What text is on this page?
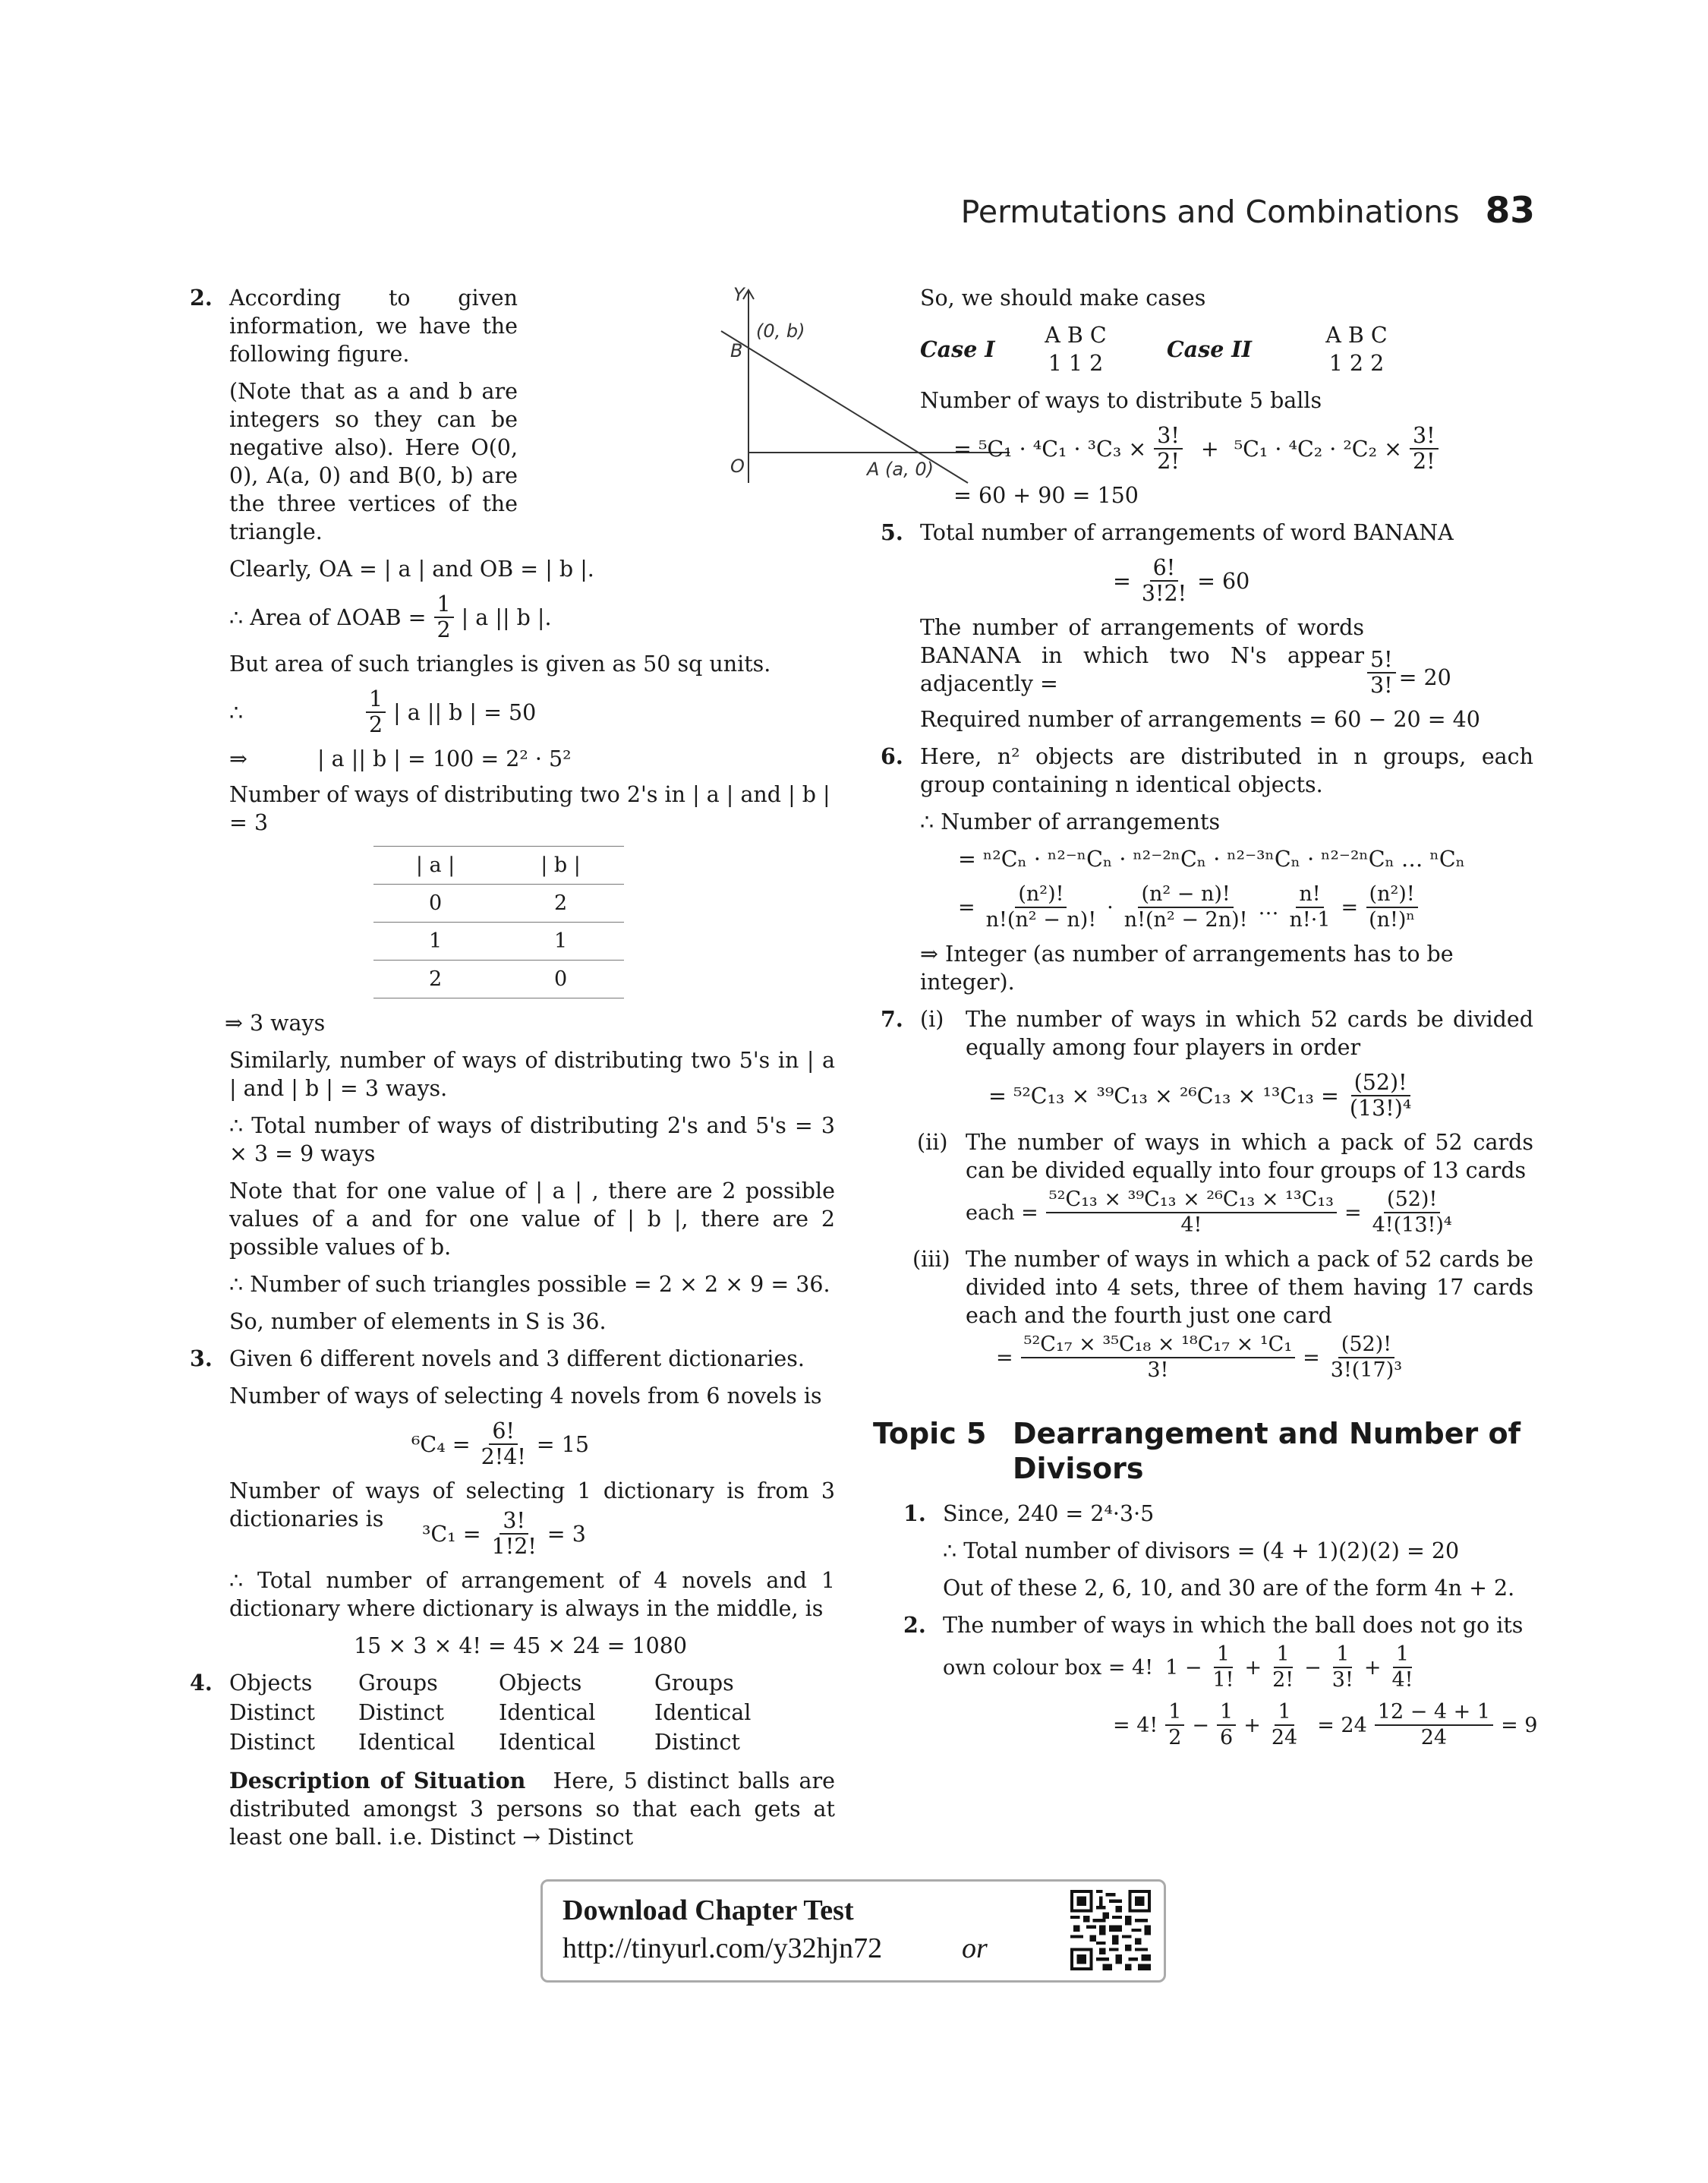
Permutations and Combinations 83
2.	Y
O
B
(0, b)
A (a, 0)

According to given information, we have the following figure.

(Note that as a and b are integers so they can be negative also). Here O(0, 0), A(a, 0) and B(0, b) are the three vertices of the triangle.

Clearly, OA = | a | and OB = | b |.

∴ Area of $\Delta OAB = \frac{1}{2}$ | a || b |.

But area of such triangles is given as 50 sq units.

∴	$\frac{1}{2}$ | a || b | = 50
⇒	| a || b | = 100 = 2² · 5²

Number of ways of distributing two 2's in | a | and | b | = 3

| a |	| b |
0	2
1	1
2	0

⇒ 3 ways

Similarly, number of ways of distributing two 5's in | a | and | b | = 3 ways.

∴ Total number of ways of distributing 2's and 5's = 3 × 3 = 9 ways

Note that for one value of | a | , there are 2 possible values of a and for one value of | b |, there are 2 possible values of b.

∴ Number of such triangles possible = 2 × 2 × 9 = 36.

So, number of elements in S is 36.

3. Given 6 different novels and 3 different dictionaries.

Number of ways of selecting 4 novels from 6 novels is

$^6C_4 = \frac{6!}{2!4!} = 15$

Number of ways of selecting 1 dictionary is from 3 dictionaries is

$^3C_1 = \frac{3!}{1!2!} = 3$

∴ Total number of arrangement of 4 novels and 1 dictionary where dictionary is always in the middle, is

15 × 3 × 4! = 45 × 24 = 1080

4. Objects	Groups	Objects	Groups
Distinct	Distinct	Identical	Identical
Distinct	Identical	Identical	Distinct

Description of Situation Here, 5 distinct balls are distributed amongst 3 persons so that each gets at least one ball. i.e. Distinct → Distinct

So, we should make cases

Case I
A B C
1 1 2
Case II
A B C
1 2 2

Number of ways to distribute 5 balls

= $^5C_1 \cdot ^4C_1 \cdot ^3C_3 \times \frac{3!}{2!} + ^5C_1 \cdot ^4C_2 \cdot ^2C_2 \times \frac{3!}{2!}$

= 60 + 90 = 150

5. Total number of arrangements of word BANANA

= $\frac{6!}{3!2!} = 60$

The number of arrangements of words BANANA in which two N's appear adjacently =	$\frac{5!}{3!} = 20$

Required number of arrangements = 60 − 20 = 40

6. Here, n² objects are distributed in n groups, each group containing n identical objects.

∴ Number of arrangements

= ⁿ²Cₙ · ⁿ²⁻ⁿCₙ · ⁿ²⁻²ⁿCₙ · ⁿ²⁻³ⁿCₙ · ⁿ²⁻²ⁿCₙ … ⁿCₙ

= $\frac{\text{(n²)!}}{\text{n!(n² − n)!}} \cdot \frac{\text{(n² − n)!}}{\text{n!(n² − 2n)!}}$ … $\frac{n!}{n!\cdot 1} = \frac{\text{(n²)!}}{\text{(n!)ⁿ}}$

⇒ Integer (as number of arrangements has to be integer).

7. (i) The number of ways in which 52 cards be divided equally among four players in order

= $^{52}C_{13} \times ^{39}C_{13} \times ^{26}C_{13} \times ^{13}C_{13} = \frac{(52)!}{\text{(13!)⁴}}$
(ii) The number of ways in which a pack of 52 cards can be divided equally into four groups of 13 cards

each = $\frac{\text{⁵²C₁₃ × ³⁹C₁₃ × ²⁶C₁₃ × ¹³C₁₃}}{4!} = \frac{(52)!}{\text{4!(13!)⁴}}$
(iii) The number of ways in which a pack of 52 cards be divided into 4 sets, three of them having 17 cards each and the fourth just one card

= $\frac{\text{⁵²C₁₇ × ³⁵C₁₈ × ¹⁸C₁₇ × ¹C₁}}{3!} = \frac{(52)!}{\text{3!(17)³}}$
Topic 5 Dearrangement and Number of Divisors
1. Since, 240 = 2⁴·3·5

∴ Total number of divisors = (4 + 1)(2)(2) = 20

Out of these 2, 6, 10, and 30 are of the form 4n + 2.

2. The number of ways in which the ball does not go its

own colour box = 4! $1 - \frac{1}{1!} + \frac{1}{2!} - \frac{1}{3!} + \frac{1}{4!}$
= 4!
1
2
− $\frac{1}{6} + \frac{1}{24} = 24 \frac{12 - 4 + 1}{24} = 9$
Download Chapter Test
http://tinyurl.com/y32hjn72	or
